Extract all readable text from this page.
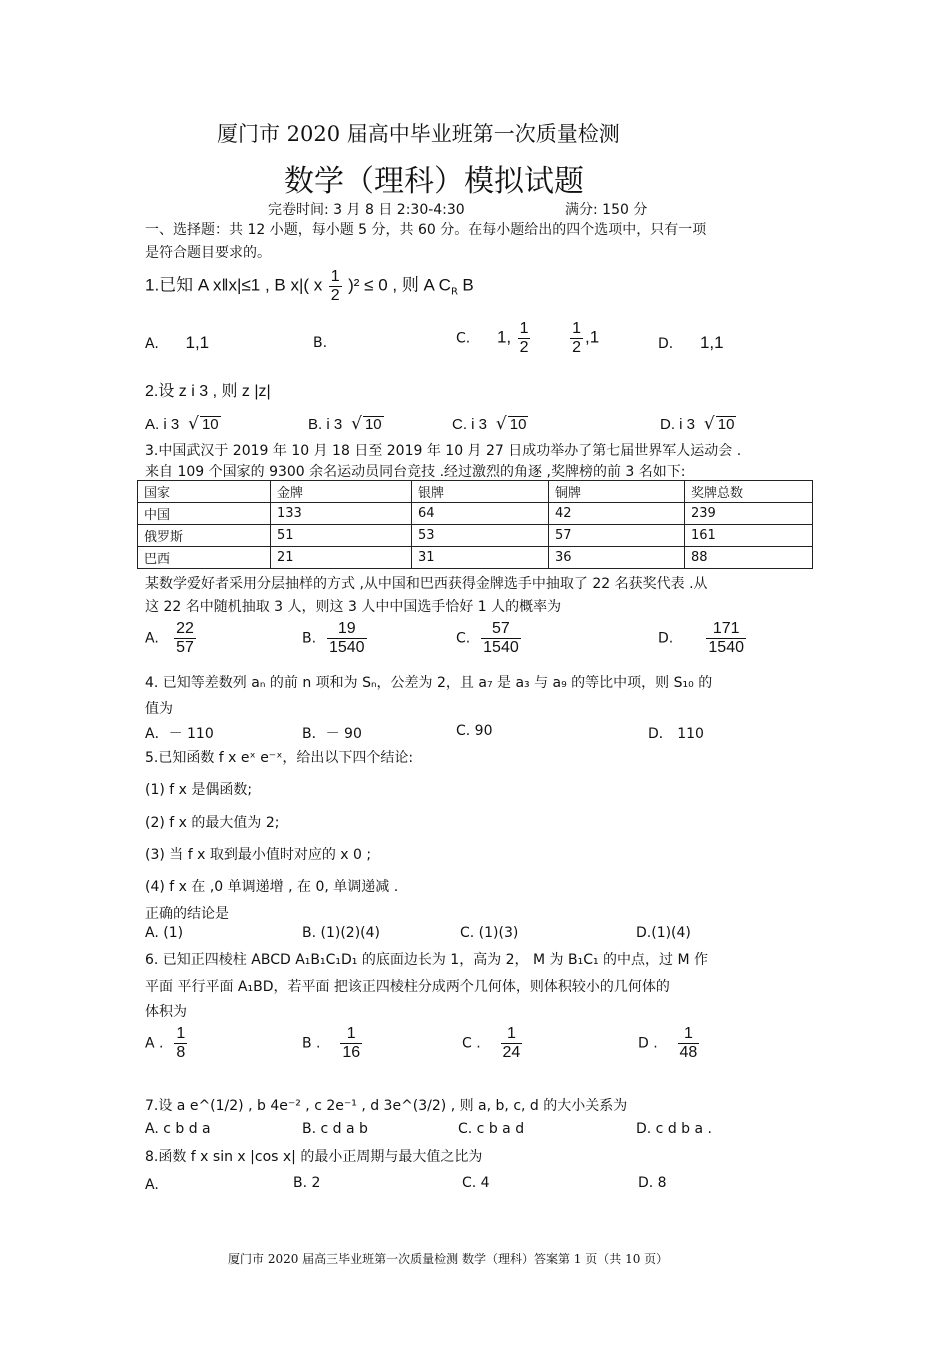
厦门市 2020 届高中毕业班第一次质量检测
数学（理科）模拟试题
完卷时间: 3 月 8 日 2:30-4:30	满分: 150 分
一、选择题：共 12 小题，每小题 5 分，共 60 分。在每小题给出的四个选项中，只有一项
是符合题目要求的。
1.已知 A x‖x|≤1 , B x|( x $\frac{1}{2} )^2 \le 0$ , 则 A $C_R$ B
A. 1,1	B.	C. 1, $\frac{1}{2}$
$\frac{1}{2} ,1$	D. 1,1
2.设 z i 3 , 则 z |z|
A. i 3 √ 10	B. i 3 √ 10	C. i 3 √ 10	D. i 3 √ 10
3.中国武汉于 2019 年 10 月 18 日至 2019 年 10 月 27 日成功举办了第七届世界军人运动会 .
来自 109 个国家的 9300 余名运动员同台竞技 .经过激烈的角逐 ,奖牌榜的前 3 名如下:
国家	金牌	银牌	铜牌	奖牌总数
中国	133	64	42	239
俄罗斯	51	53	57	161
巴西	21	31	36	88
某数学爱好者采用分层抽样的方式 ,从中国和巴西获得金牌选手中抽取了 22 名获奖代表 .从
这 22 名中随机抽取 3 人，则这 3 人中中国选手恰好 1 人的概率为
A. $\frac{22}{57}$	B. $\frac{19}{1540}$	C. $\frac{57}{1540}$	D. $\frac{171}{1540}$
4. 已知等差数列 aₙ 的前 n 项和为 Sₙ，公差为 2，且 a₇ 是 a₃ 与 a₉ 的等比中项，则 S₁₀ 的
值为
A．－ 110	B．－ 90	C. 90	D． 110
5.已知函数 f x eˣ e⁻ˣ，给出以下四个结论:
(1) f x 是偶函数;
(2) f x 的最大值为 2;
(3) 当 f x 取到最小值时对应的 x 0 ;
(4) f x 在 ,0 单调递增 , 在 0, 单调递减 .
正确的结论是
A. (1)	B. (1)(2)(4)	C. (1)(3)	D.(1)(4)
6. 已知正四棱柱 ABCD A₁B₁C₁D₁ 的底面边长为 1，高为 2， M 为 B₁C₁ 的中点，过 M 作
平面 平行平面 A₁BD，若平面 把该正四棱柱分成两个几何体，则体积较小的几何体的
体积为
A . $\frac{1}{8}$	B . $\frac{1}{16}$	C . $\frac{1}{24}$	D . $\frac{1}{48}$
7.设 a e^(1/2) , b 4e⁻² , c 2e⁻¹ , d 3e^(3/2) , 则 a, b, c, d 的大小关系为
A. c b d a	B. c d a b	C. c b a d	D. c d b a .
8.函数 f x sin x |cos x| 的最小正周期与最大值之比为
A.	B. 2	C. 4	D. 8
厦门市 2020 届高三毕业班第一次质量检测 数学（理科）答案第 1 页（共 10 页）
